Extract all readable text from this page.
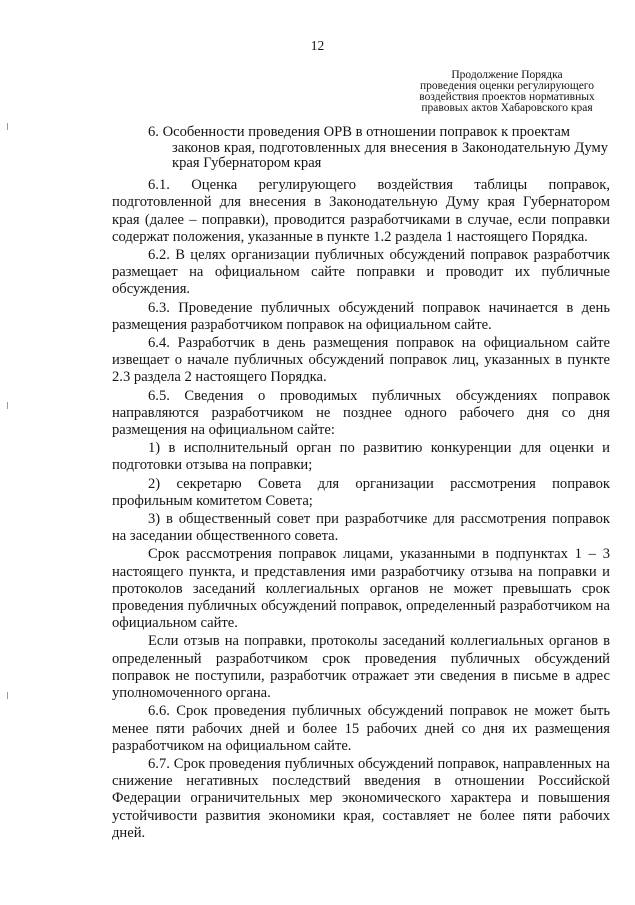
12
Продолжение Порядка
проведения оценки регулирующего
воздействия проектов нормативных
правовых актов Хабаровского края
6. Особенности проведения ОРВ в отношении поправок к проектам
законов края, подготовленных для внесения в Законодательную Думу края Губернатором края

6.1. Оценка регулирующего воздействия таблицы поправок, подготовленной для внесения в Законодательную Думу края Губернатором края (далее – поправки), проводится разработчиками в случае, если поправки содержат положения, указанные в пункте 1.2 раздела 1 настоящего Порядка.

6.2. В целях организации публичных обсуждений поправок разработчик размещает на официальном сайте поправки и проводит их публичные обсуждения.

6.3. Проведение публичных обсуждений поправок начинается в день размещения разработчиком поправок на официальном сайте.

6.4. Разработчик в день размещения поправок на официальном сайте извещает о начале публичных обсуждений поправок лиц, указанных в пункте 2.3 раздела 2 настоящего Порядка.

6.5. Сведения о проводимых публичных обсуждениях поправок направляются разработчиком не позднее одного рабочего дня со дня размещения на официальном сайте:

1) в исполнительный орган по развитию конкуренции для оценки и подготовки отзыва на поправки;

2) секретарю Совета для организации рассмотрения поправок профильным комитетом Совета;

3) в общественный совет при разработчике для рассмотрения поправок на заседании общественного совета.

Срок рассмотрения поправок лицами, указанными в подпунктах 1 – 3 настоящего пункта, и представления ими разработчику отзыва на поправки и протоколов заседаний коллегиальных органов не может превышать срок проведения публичных обсуждений поправок, определенный разработчиком на официальном сайте.

Если отзыв на поправки, протоколы заседаний коллегиальных органов в определенный разработчиком срок проведения публичных обсуждений поправок не поступили, разработчик отражает эти сведения в письме в адрес уполномоченного органа.

6.6. Срок проведения публичных обсуждений поправок не может быть менее пяти рабочих дней и более 15 рабочих дней со дня их размещения разработчиком на официальном сайте.

6.7. Срок проведения публичных обсуждений поправок, направленных на снижение негативных последствий введения в отношении Российской Федерации ограничительных мер экономического характера и повышения устойчивости развития экономики края, составляет не более пяти рабочих дней.
